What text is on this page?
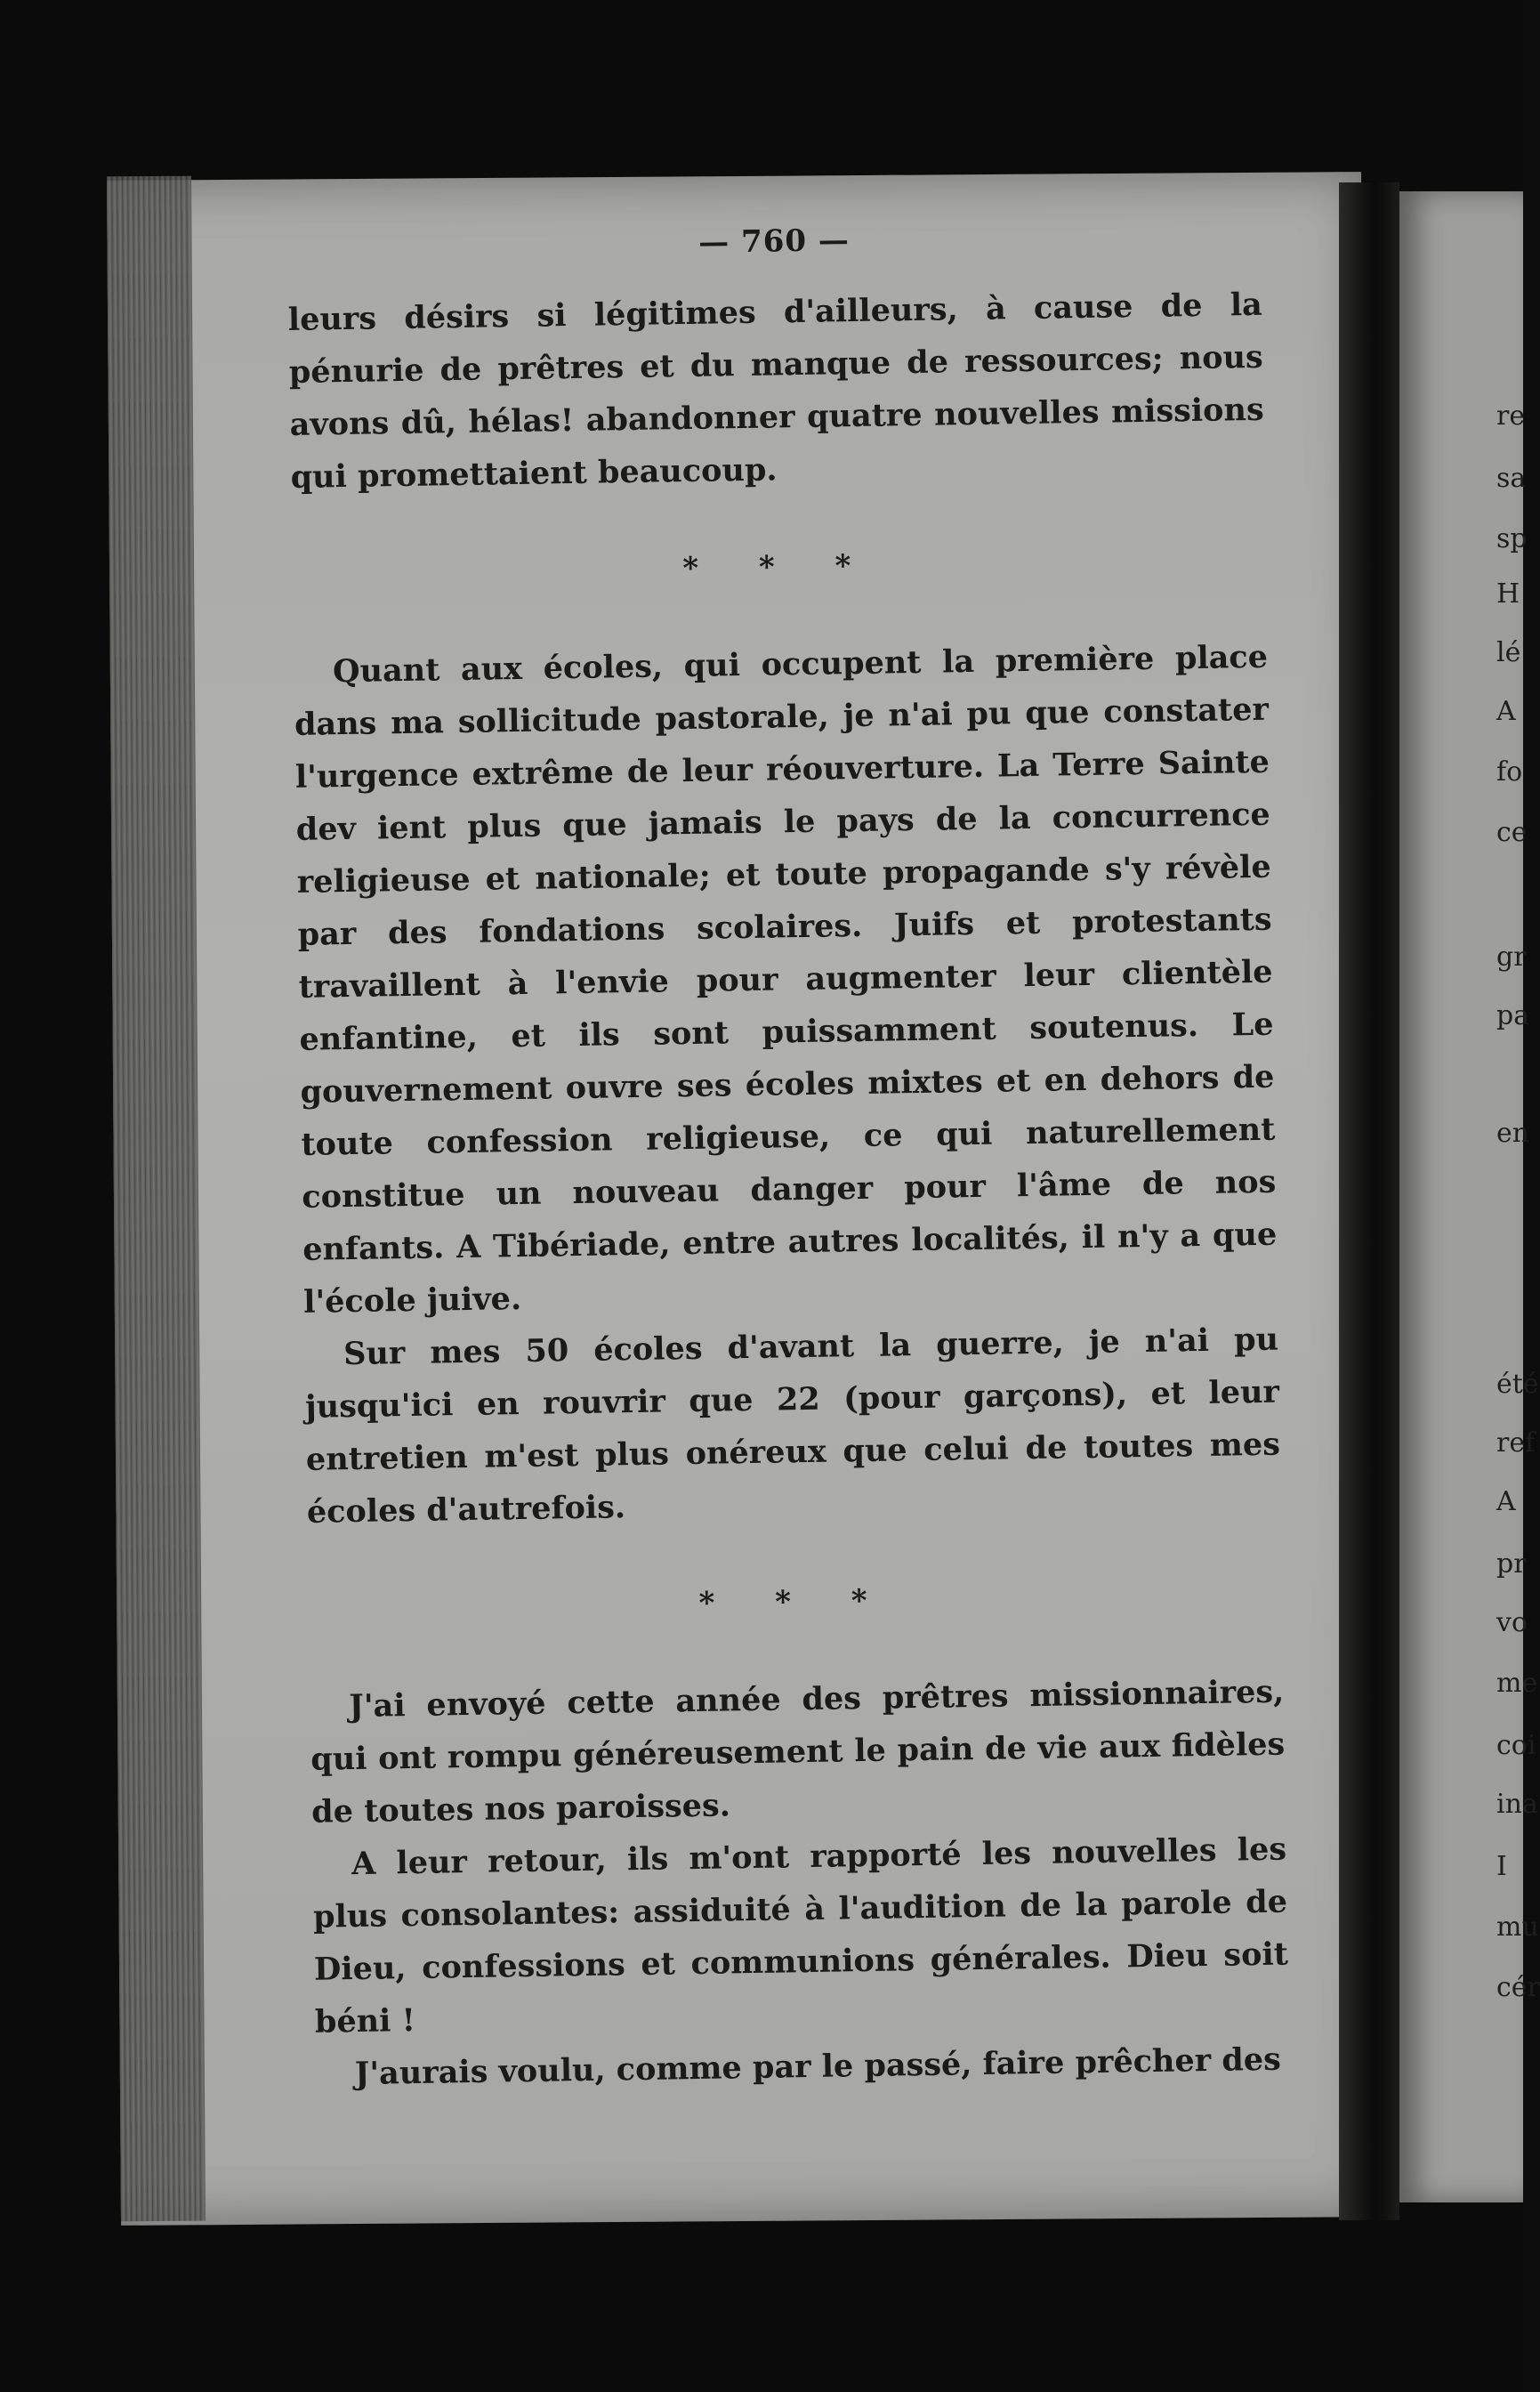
re

sa

sp

H

lé

A

fo

ce

gr

pa

en

été

ref

A

pr

vo

me

coi

ina

I

mu

cér

— 760 —

leurs désirs si légitimes d'ailleurs, à cause de la pénurie de prêtres et du manque de ressources; nous avons dû, hélas! abandonner quatre nouvelles missions qui promettaient beaucoup.

* * *

Quant aux écoles, qui occupent la première place dans ma sollicitude pastorale, je n'ai pu que constater l'urgence extrême de leur réouverture. La Terre Sainte dev ient plus que jamais le pays de la concurrence religieuse et nationale; et toute propagande s'y révèle par des fondations scolaires. Juifs et protestants travaillent à l'envie pour augmenter leur clientèle enfantine, et ils sont puissamment soutenus. Le gouvernement ouvre ses écoles mixtes et en dehors de toute confession religieuse, ce qui naturellement constitue un nouveau danger pour l'âme de nos enfants. A Tibériade, entre autres localités, il n'y a que l'école juive.

Sur mes 50 écoles d'avant la guerre, je n'ai pu jusqu'ici en rouvrir que 22 (pour garçons), et leur entretien m'est plus onéreux que celui de toutes mes écoles d'autrefois.

* * *

J'ai envoyé cette année des prêtres missionnaires, qui ont rompu généreusement le pain de vie aux fidèles de toutes nos paroisses.

A leur retour, ils m'ont rapporté les nouvelles les plus consolantes: assiduité à l'audition de la parole de Dieu, confessions et communions générales. Dieu soit béni !

J'aurais voulu, comme par le passé, faire prêcher des
